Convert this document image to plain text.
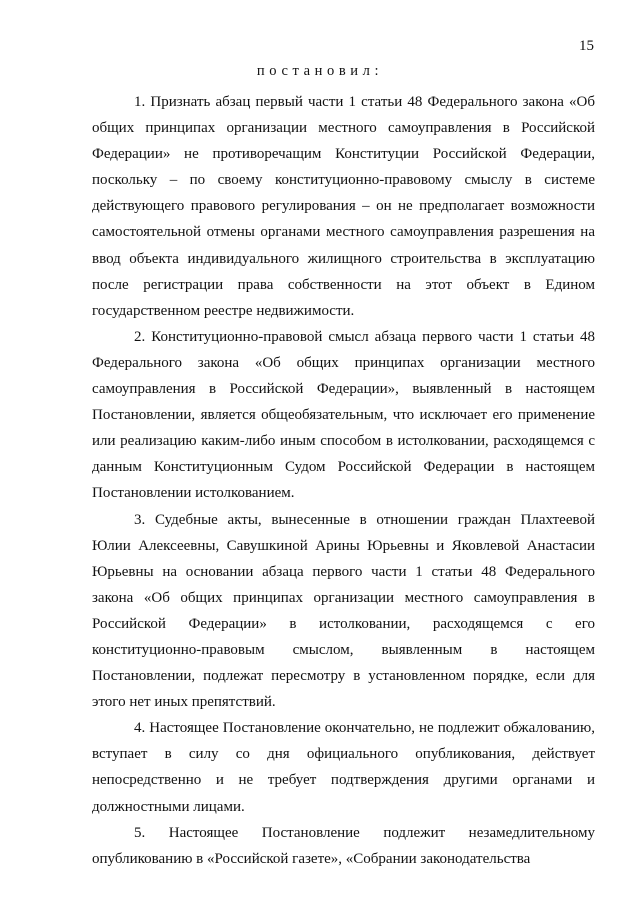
15
постановил:

1. Признать абзац первый части 1 статьи 48 Федерального закона «Об общих принципах организации местного самоуправления в Российской Федерации» не противоречащим Конституции Российской Федерации, поскольку – по своему конституционно-правовому смыслу в системе действующего правового регулирования – он не предполагает возможности самостоятельной отмены органами местного самоуправления разрешения на ввод объекта индивидуального жилищного строительства в эксплуатацию после регистрации права собственности на этот объект в Едином государственном реестре недвижимости.

2. Конституционно-правовой смысл абзаца первого части 1 статьи 48 Федерального закона «Об общих принципах организации местного самоуправления в Российской Федерации», выявленный в настоящем Постановлении, является общеобязательным, что исключает его применение или реализацию каким-либо иным способом в истолковании, расходящемся с данным Конституционным Судом Российской Федерации в настоящем Постановлении истолкованием.

3. Судебные акты, вынесенные в отношении граждан Плахтеевой Юлии Алексеевны, Савушкиной Арины Юрьевны и Яковлевой Анастасии Юрьевны на основании абзаца первого части 1 статьи 48 Федерального закона «Об общих принципах организации местного самоуправления в Российской Федерации» в истолковании, расходящемся с его конституционно-правовым смыслом, выявленным в настоящем Постановлении, подлежат пересмотру в установленном порядке, если для этого нет иных препятствий.

4. Настоящее Постановление окончательно, не подлежит обжалованию, вступает в силу со дня официального опубликования, действует непосредственно и не требует подтверждения другими органами и должностными лицами.

5. Настоящее Постановление подлежит незамедлительному опубликованию в «Российской газете», «Собрании законодательства
